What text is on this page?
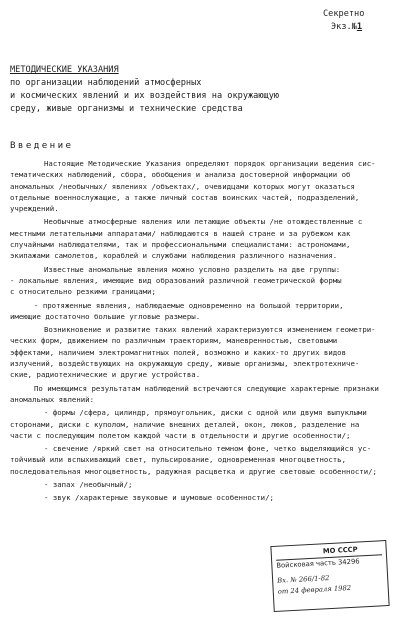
Секретно
Экз.№1
МЕТОДИЧЕСКИЕ УКАЗАНИЯ
по организации наблюдений атмосферных
и космических явлений и их воздействия на окружающую
среду, живые организмы и технические средства
Введение

Настоящие Методические Указания определяют порядок организации ведения сис-
тематических наблюдений, сбора, обобщения и анализа достоверной информации об
аномальных /необычных/ явлениях /объектах/, очевидцами которых могут оказаться
отдельные военнослужащие, а также личный состав воинских частей, подразделений,
учреждений.

Необычные атмосферные явления или летающие объекты /не отождествленные с
местными летательными аппаратами/ наблюдаются в нашей стране и за рубежом как
случайными наблюдателями, так и профессиональными специалистами: астрономами,
экипажами самолетов, кораблей и службами наблюдения различного назначения.

Известные аномальные явления можно условно разделить на две группы:
- локальные явления, имеющие вид образований различной геометрической формы
с относительно резкими границами;

- протяженные явления, наблюдаемые одновременно на большой территории,
имеющие достаточно большие угловые размеры.

Возникновение и развитие таких явлений характеризуются изменением геометри-
ческих форм, движением по различным траекториям, маневренностью, световыми
эффектами, наличием электромагнитных полей, возможно и каких-то других видов
излучений, воздействующих на окружающую среду, живые организмы, электротехниче-
ские, радиотехнические и другие устройства.

По имеющимся результатам наблюдений встречаются следующие характерные признаки
аномальных явлений:

- формы /сфера, цилиндр, прямоугольник, диски с одной или двумя выпуклыми
сторонами, диски с куполом, наличие внешних деталей, окон, люков, разделение на
части с последующим полетом каждой части в отдельности и другие особенности/;

- свечение /яркий свет на относительно темном фоне, четко выделяющийся ус-
тойчивый или вспыхивающий свет, пульсирование, одновременная многоцветность,
последовательная многоцветность, радужная расцветка и другие световые особенности/;

- запах /необычный/;

- звук /характерные звуковые и шумовые особенности/;

МО СССР
Войсковая часть 34296
Вх. № 266/1-82
от 24 февраля 1982
